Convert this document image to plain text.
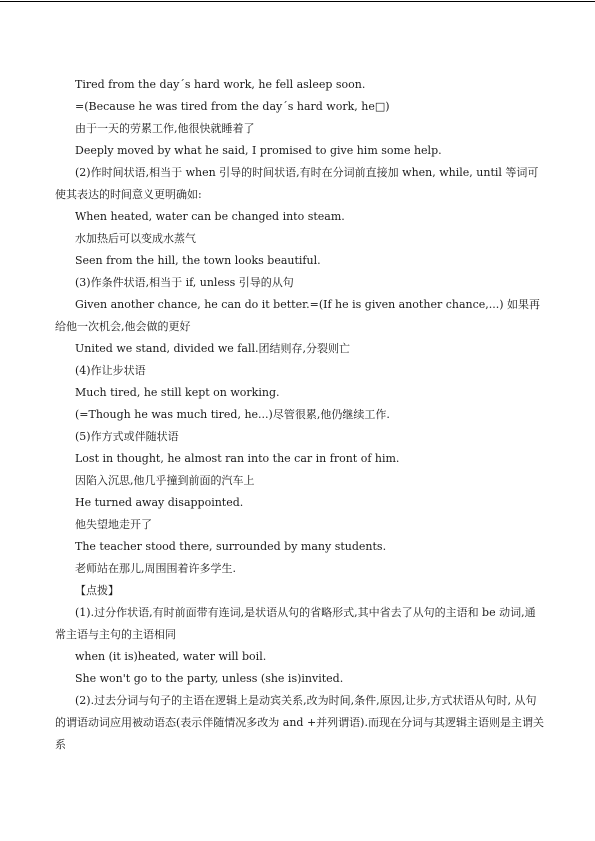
Tired from the day´s hard work, he fell asleep soon.
=(Because he was tired from the day´s hard work, he□)
由于一天的劳累工作,他很快就睡着了
Deeply moved by what he said, I promised to give him some help.
(2)作时间状语,相当于 when 引导的时间状语,有时在分词前直接加 when, while, until 等词可使其表达的时间意义更明确如:
When heated, water can be changed into steam.
水加热后可以变成水蒸气
Seen from the hill, the town looks beautiful.
(3)作条件状语,相当于 if, unless 引导的从句
Given another chance, he can do it better.=(If he is given another chance,...) 如果再给他一次机会,他会做的更好
United we stand, divided we fall.团结则存,分裂则亡
(4)作让步状语
Much tired, he still kept on working.
(=Though he was much tired, he...)尽管很累,他仍继续工作.
(5)作方式或伴随状语
Lost in thought, he almost ran into the car in front of him.
因陷入沉思,他几乎撞到前面的汽车上
He turned away disappointed.
他失望地走开了
The teacher stood there, surrounded by many students.
老师站在那儿,周围围着许多学生.
【点拨】
(1).过分作状语,有时前面带有连词,是状语从句的省略形式,其中省去了从句的主语和 be 动词,通常主语与主句的主语相同
when (it is)heated, water will boil.
She won't go to the party, unless (she is)invited.
(2).过去分词与句子的主语在逻辑上是动宾关系,改为时间,条件,原因,让步,方式状语从句时, 从句的谓语动词应用被动语态(表示伴随情况多改为 and +并列谓语).而现在分词与其逻辑主语则是主谓关系
